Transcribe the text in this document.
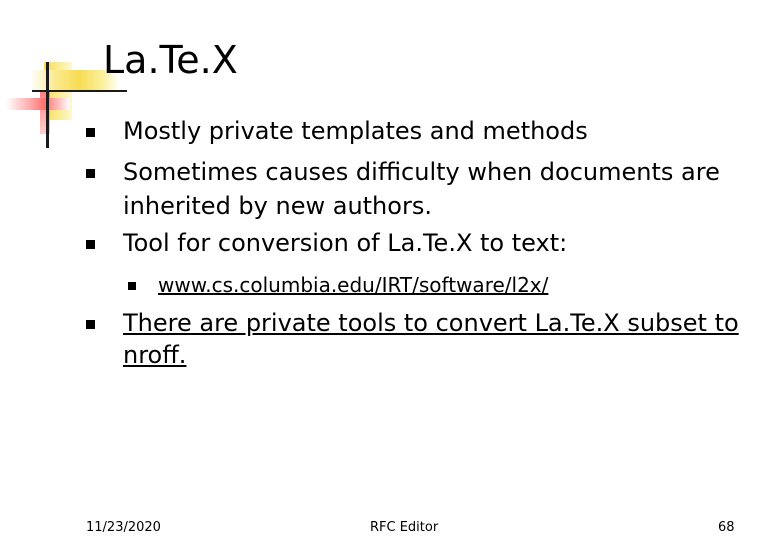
La.Te.X

Mostly private templates and methods

Sometimes causes difficulty when documents are

inherited by new authors.

Tool for conversion of La.Te.X to text:

www.cs.columbia.edu/IRT/software/l2x/

There are private tools to convert La.Te.X subset to

nroff.

11/23/2020	RFC Editor	68
